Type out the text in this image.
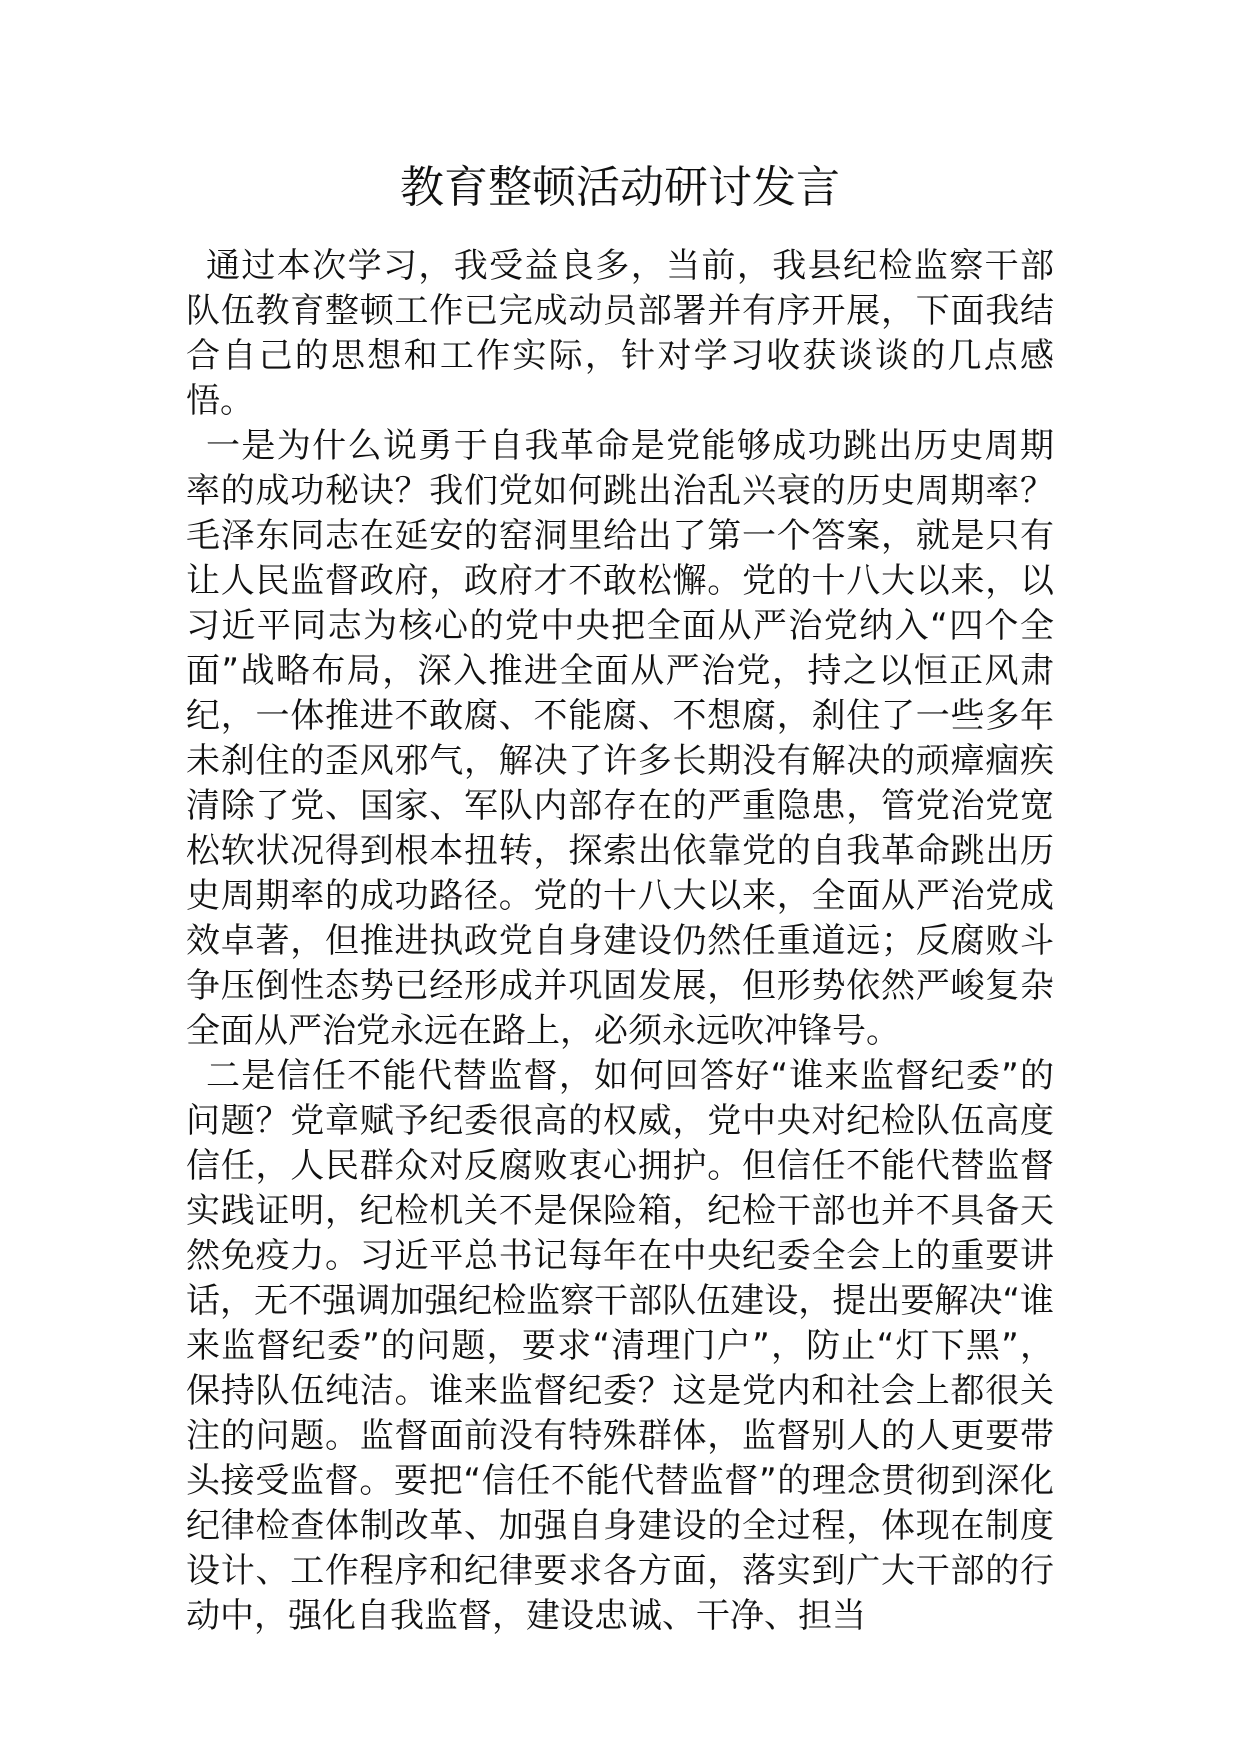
教育整顿活动研讨发言

通过本次学习，我受益良多，当前，我县纪检监察干部队伍教育整顿工作已完成动员部署并有序开展，下面我结合自己的思想和工作实际，针对学习收获谈谈的几点感悟。

一是为什么说勇于自我革命是党能够成功跳出历史周期率的成功秘诀？我们党如何跳出治乱兴衰的历史周期率？毛泽东同志在延安的窑洞里给出了第一个答案，就是只有让人民监督政府，政府才不敢松懈。党的十八大以来，以习近平同志为核心的党中央把全面从严治党纳入“四个全面”战略布局，深入推进全面从严治党，持之以恒正风肃纪，一体推进不敢腐、不能腐、不想腐，刹住了一些多年未刹住的歪风邪气，解决了许多长期没有解决的顽瘴痼疾清除了党、国家、军队内部存在的严重隐患，管党治党宽松软状况得到根本扭转，探索出依靠党的自我革命跳出历史周期率的成功路径。党的十八大以来，全面从严治党成效卓著，但推进执政党自身建设仍然任重道远；反腐败斗争压倒性态势已经形成并巩固发展，但形势依然严峻复杂全面从严治党永远在路上，必须永远吹冲锋号。

二是信任不能代替监督，如何回答好“谁来监督纪委”的问题？党章赋予纪委很高的权威，党中央对纪检队伍高度信任，人民群众对反腐败衷心拥护。但信任不能代替监督实践证明，纪检机关不是保险箱，纪检干部也并不具备天然免疫力。习近平总书记每年在中央纪委全会上的重要讲话，无不强调加强纪检监察干部队伍建设，提出要解决“谁来监督纪委”的问题，要求“清理门户”，防止“灯下黑”，保持队伍纯洁。谁来监督纪委？这是党内和社会上都很关注的问题。监督面前没有特殊群体，监督别人的人更要带头接受监督。要把“信任不能代替监督”的理念贯彻到深化纪律检查体制改革、加强自身建设的全过程，体现在制度设计、工作程序和纪律要求各方面，落实到广大干部的行动中，强化自我监督，建设忠诚、干净、担当
